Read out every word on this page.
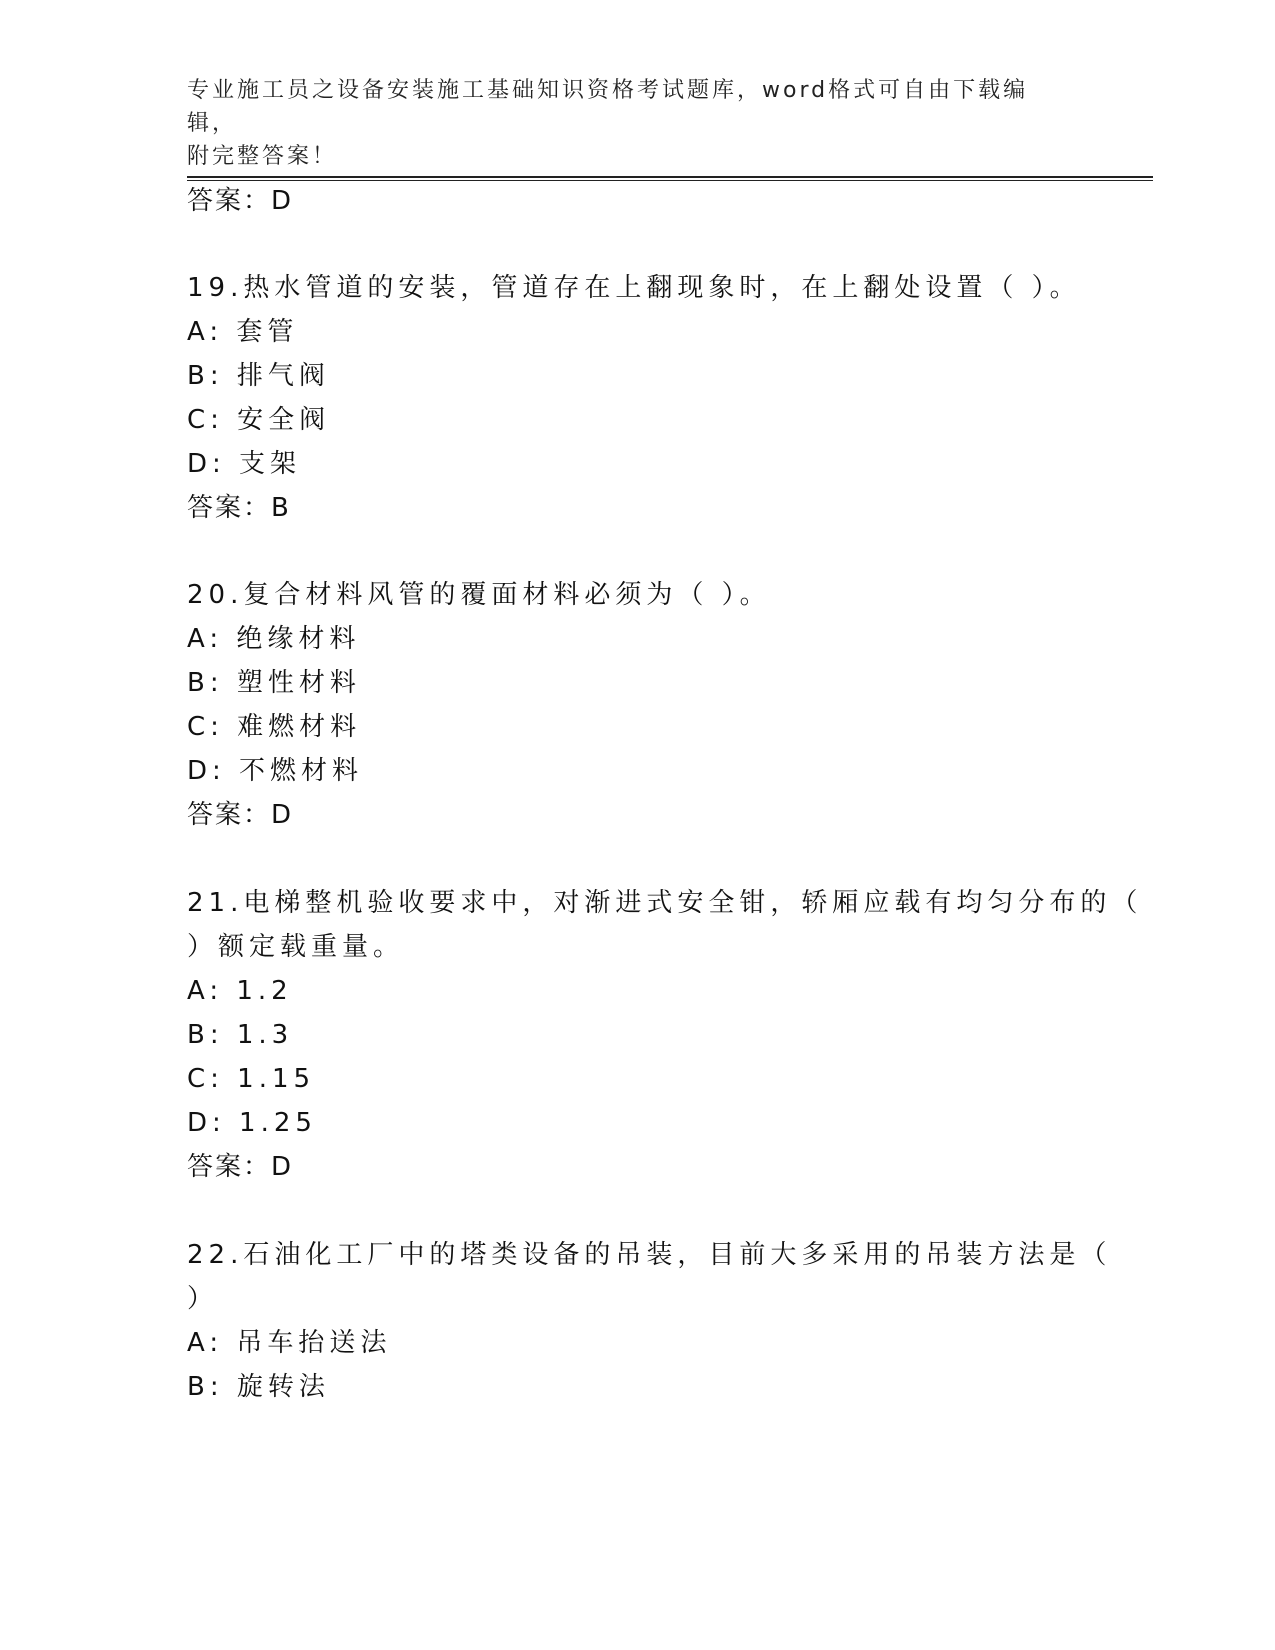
专业施工员之设备安装施工基础知识资格考试题库，word格式可自由下载编辑，
附完整答案！
答案：D
19.热水管道的安装，管道存在上翻现象时，在上翻处设置（ ）。
A: 套管
B: 排气阀
C: 安全阀
D: 支架
答案：B
20.复合材料风管的覆面材料必须为（ ）。
A: 绝缘材料
B: 塑性材料
C: 难燃材料
D: 不燃材料
答案：D
21.电梯整机验收要求中，对渐进式安全钳，轿厢应载有均匀分布的（
）额定载重量。
A: 1.2
B: 1.3
C: 1.15
D: 1.25
答案：D
22.石油化工厂中的塔类设备的吊装，目前大多采用的吊装方法是（
）
A: 吊车抬送法
B: 旋转法
